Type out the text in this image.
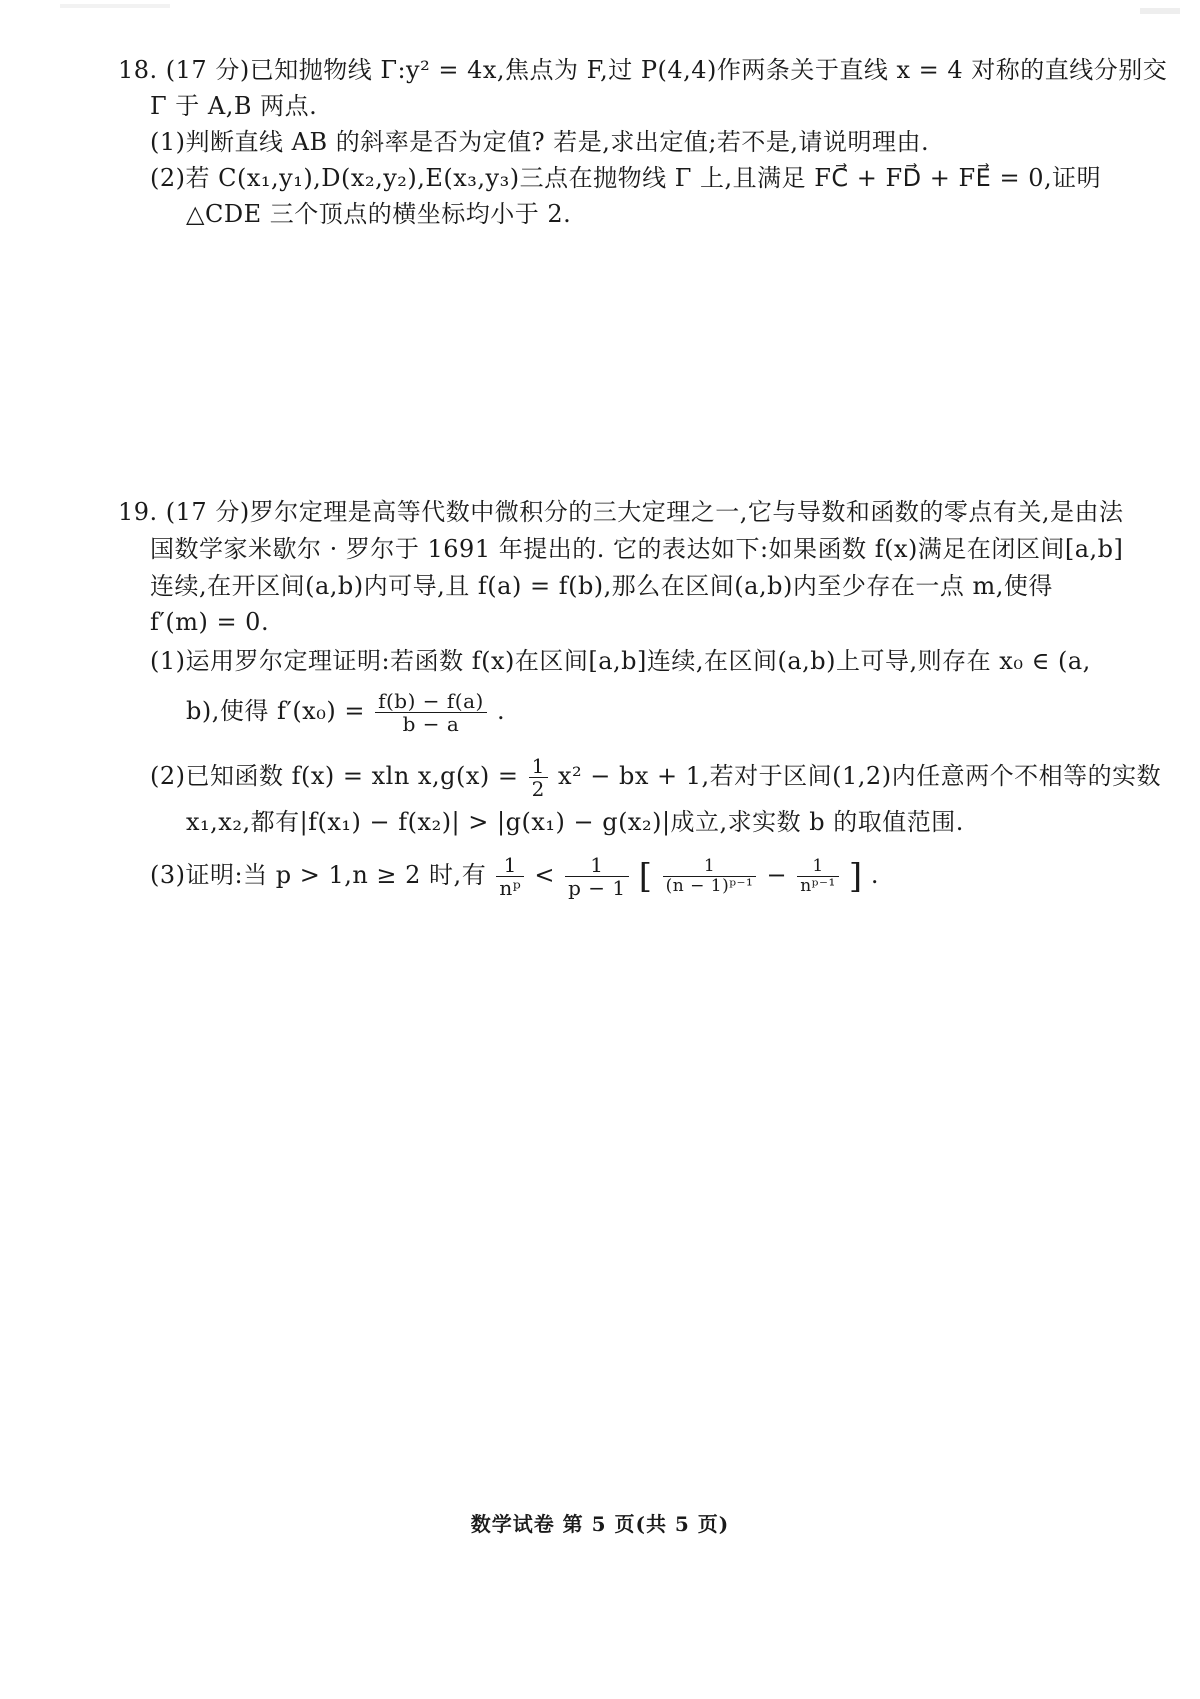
18. (17 分)已知抛物线 Γ:y² = 4x,焦点为 F,过 P(4,4)作两条关于直线 x = 4 对称的直线分别交
Γ 于 A,B 两点.
(1)判断直线 AB 的斜率是否为定值? 若是,求出定值;若不是,请说明理由.
(2)若 C(x₁,y₁),D(x₂,y₂),E(x₃,y₃)三点在抛物线 Γ 上,且满足 FC⃗ + FD⃗ + FE⃗ = 0,证明
△CDE 三个顶点的横坐标均小于 2.
19. (17 分)罗尔定理是高等代数中微积分的三大定理之一,它与导数和函数的零点有关,是由法
国数学家米歇尔 · 罗尔于 1691 年提出的. 它的表达如下:如果函数 f(x)满足在闭区间[a,b]
连续,在开区间(a,b)内可导,且 f(a) = f(b),那么在区间(a,b)内至少存在一点 m,使得
f′(m) = 0.
(1)运用罗尔定理证明:若函数 f(x)在区间[a,b]连续,在区间(a,b)上可导,则存在 x₀ ∈ (a,
b),使得 $f'(x_0) = \frac{f(b) - f(a)}{b - a}$ .
(2)已知函数 f(x) = xln $x,g(x) = \frac{1}{2} x^2$ − bx + 1,若对于区间(1,2)内任意两个不相等的实数
x₁,x₂,都有|f(x₁) − f(x₂)| > |g(x₁) − g(x₂)|成立,求实数 b 的取值范围.
(3)证明:当 p > 1,n ≥ 2 时,有 $\frac{1}{\text{nᵖ}} < \frac{1}{p - 1}$ [ $\frac{1}{\text{(n − 1)ᵖ⁻¹}} - \frac{1}{\text{nᵖ⁻¹}}$ ] .
数学试卷 第 5 页(共 5 页)
